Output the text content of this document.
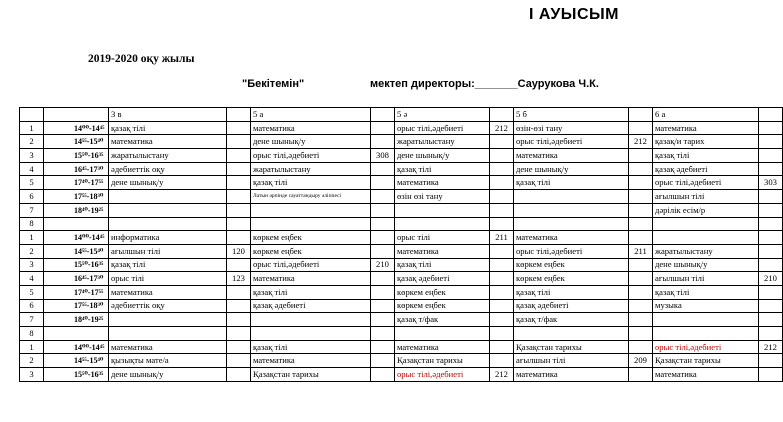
I АУЫСЫМ
2019-2020 оқу жылы
"Бекітемін"	мектеп директоры:_______Саурукова Ч.К.
		3 в		5 а		5 ә		5 б		6 а	
1	14⁰⁰-14⁴⁵	қазақ тілі		математика		орыс тілі,әдебиеті	212	өзін-өзі тану		математика	
2	14⁵⁵-15⁴⁰	математика		дене шынық/у		жаратылыстану		орыс тілі,әдебиеті	212	қазақ/и тарих	
3	15⁵⁰-16³⁵	жаратылыстану		орыс тілі,әдебиеті	308	дене шынық/у		математика		қазақ тілі	
4	16⁴⁵-17³⁰	әдебиеттік оқу		жаратылыстану		қазақ тілі		дене шынық/у		қазақ әдебиеті	
5	17⁴⁰-17⁵⁵	дене шынық/у		қазақ тілі		математика		қазақ тілі		орыс тілі,әдебиеті	303
6	17⁵⁵-18³⁰			Латын әрпінде сауаттандыру әліппесі		өзін өзі тану				ағылшын тілі	
7	18⁴⁰-19²⁵									дәрілік есім/р	
8											
1	14⁰⁰-14⁴⁵	информатика		көркем еңбек		орыс тілі	211	математика			
2	14⁵⁵-15⁴⁰	ағылшын тілі	120	көркем еңбек		математика		орыс тілі,әдебиеті	211	жаратылыстану	
3	15⁵⁰-16³⁵	қазақ тілі		орыс тілі,әдебиеті	210	қазақ тілі		көркем еңбек		дене шынық/у	
4	16⁴⁵-17³⁰	орыс тілі	123	математика		қазақ әдебиеті		көркем еңбек		ағылшын тілі	210
5	17⁴⁰-17⁵⁵	математика		қазақ тілі		көркем еңбек		қазақ тілі		қазақ тілі	
6	17⁵⁵-18³⁰	әдебиеттік оқу		қазақ әдебиеті		көркем еңбек		қазақ әдебиеті		музыка	
7	18⁴⁰-19²⁵					қазақ т/фак		қазақ т/фак			
8											
1	14⁰⁰-14⁴⁵	математика		қазақ тілі		математика		Қазақстан тарихы		орыс тілі,әдебиеті	212
2	14⁵⁵-15⁴⁰	қызықты мате/а		математика		Қазақстан тарихы		ағылшын тілі	209	Қазақстан тарихы	
3	15⁵⁰-16³⁵	дене шынық/у		Қазақстан тарихы		орыс тілі,әдебиеті	212	математика		математика	
